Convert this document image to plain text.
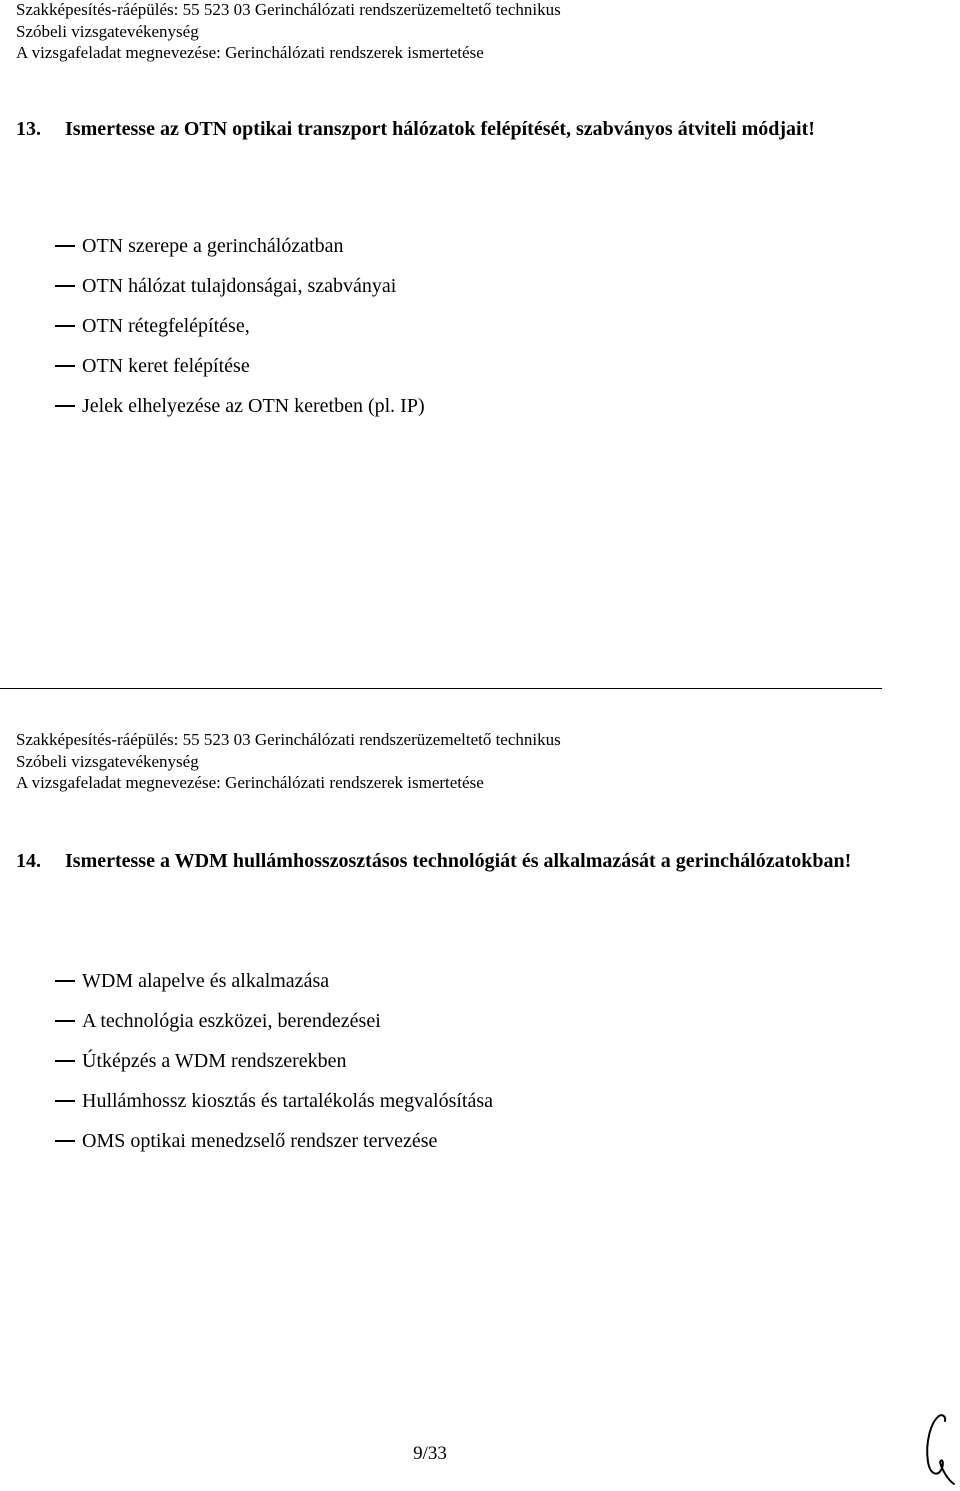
Szakképesítés-ráépülés: 55 523 03 Gerinchálózati rendszerüzemeltető technikus
Szóbeli vizsgatevékenység
A vizsgafeladat megnevezése: Gerinchálózati rendszerek ismertetése
13. Ismertesse az OTN optikai transzport hálózatok felépítését, szabványos átviteli módjait!
OTN szerepe a gerinchálózatban
OTN hálózat tulajdonságai, szabványai
OTN rétegfelépítése,
OTN keret felépítése
Jelek elhelyezése az OTN keretben (pl. IP)
Szakképesítés-ráépülés: 55 523 03 Gerinchálózati rendszerüzemeltető technikus
Szóbeli vizsgatevékenység
A vizsgafeladat megnevezése: Gerinchálózati rendszerek ismertetése
14. Ismertesse a WDM hullámhosszosztásos technológiát és alkalmazását a gerinchálózatokban!
WDM alapelve és alkalmazása
A technológia eszközei, berendezései
Útképzés a WDM rendszerekben
Hullámhossz kiosztás és tartalékolás megvalósítása
OMS optikai menedzselő rendszer tervezése
9/33
